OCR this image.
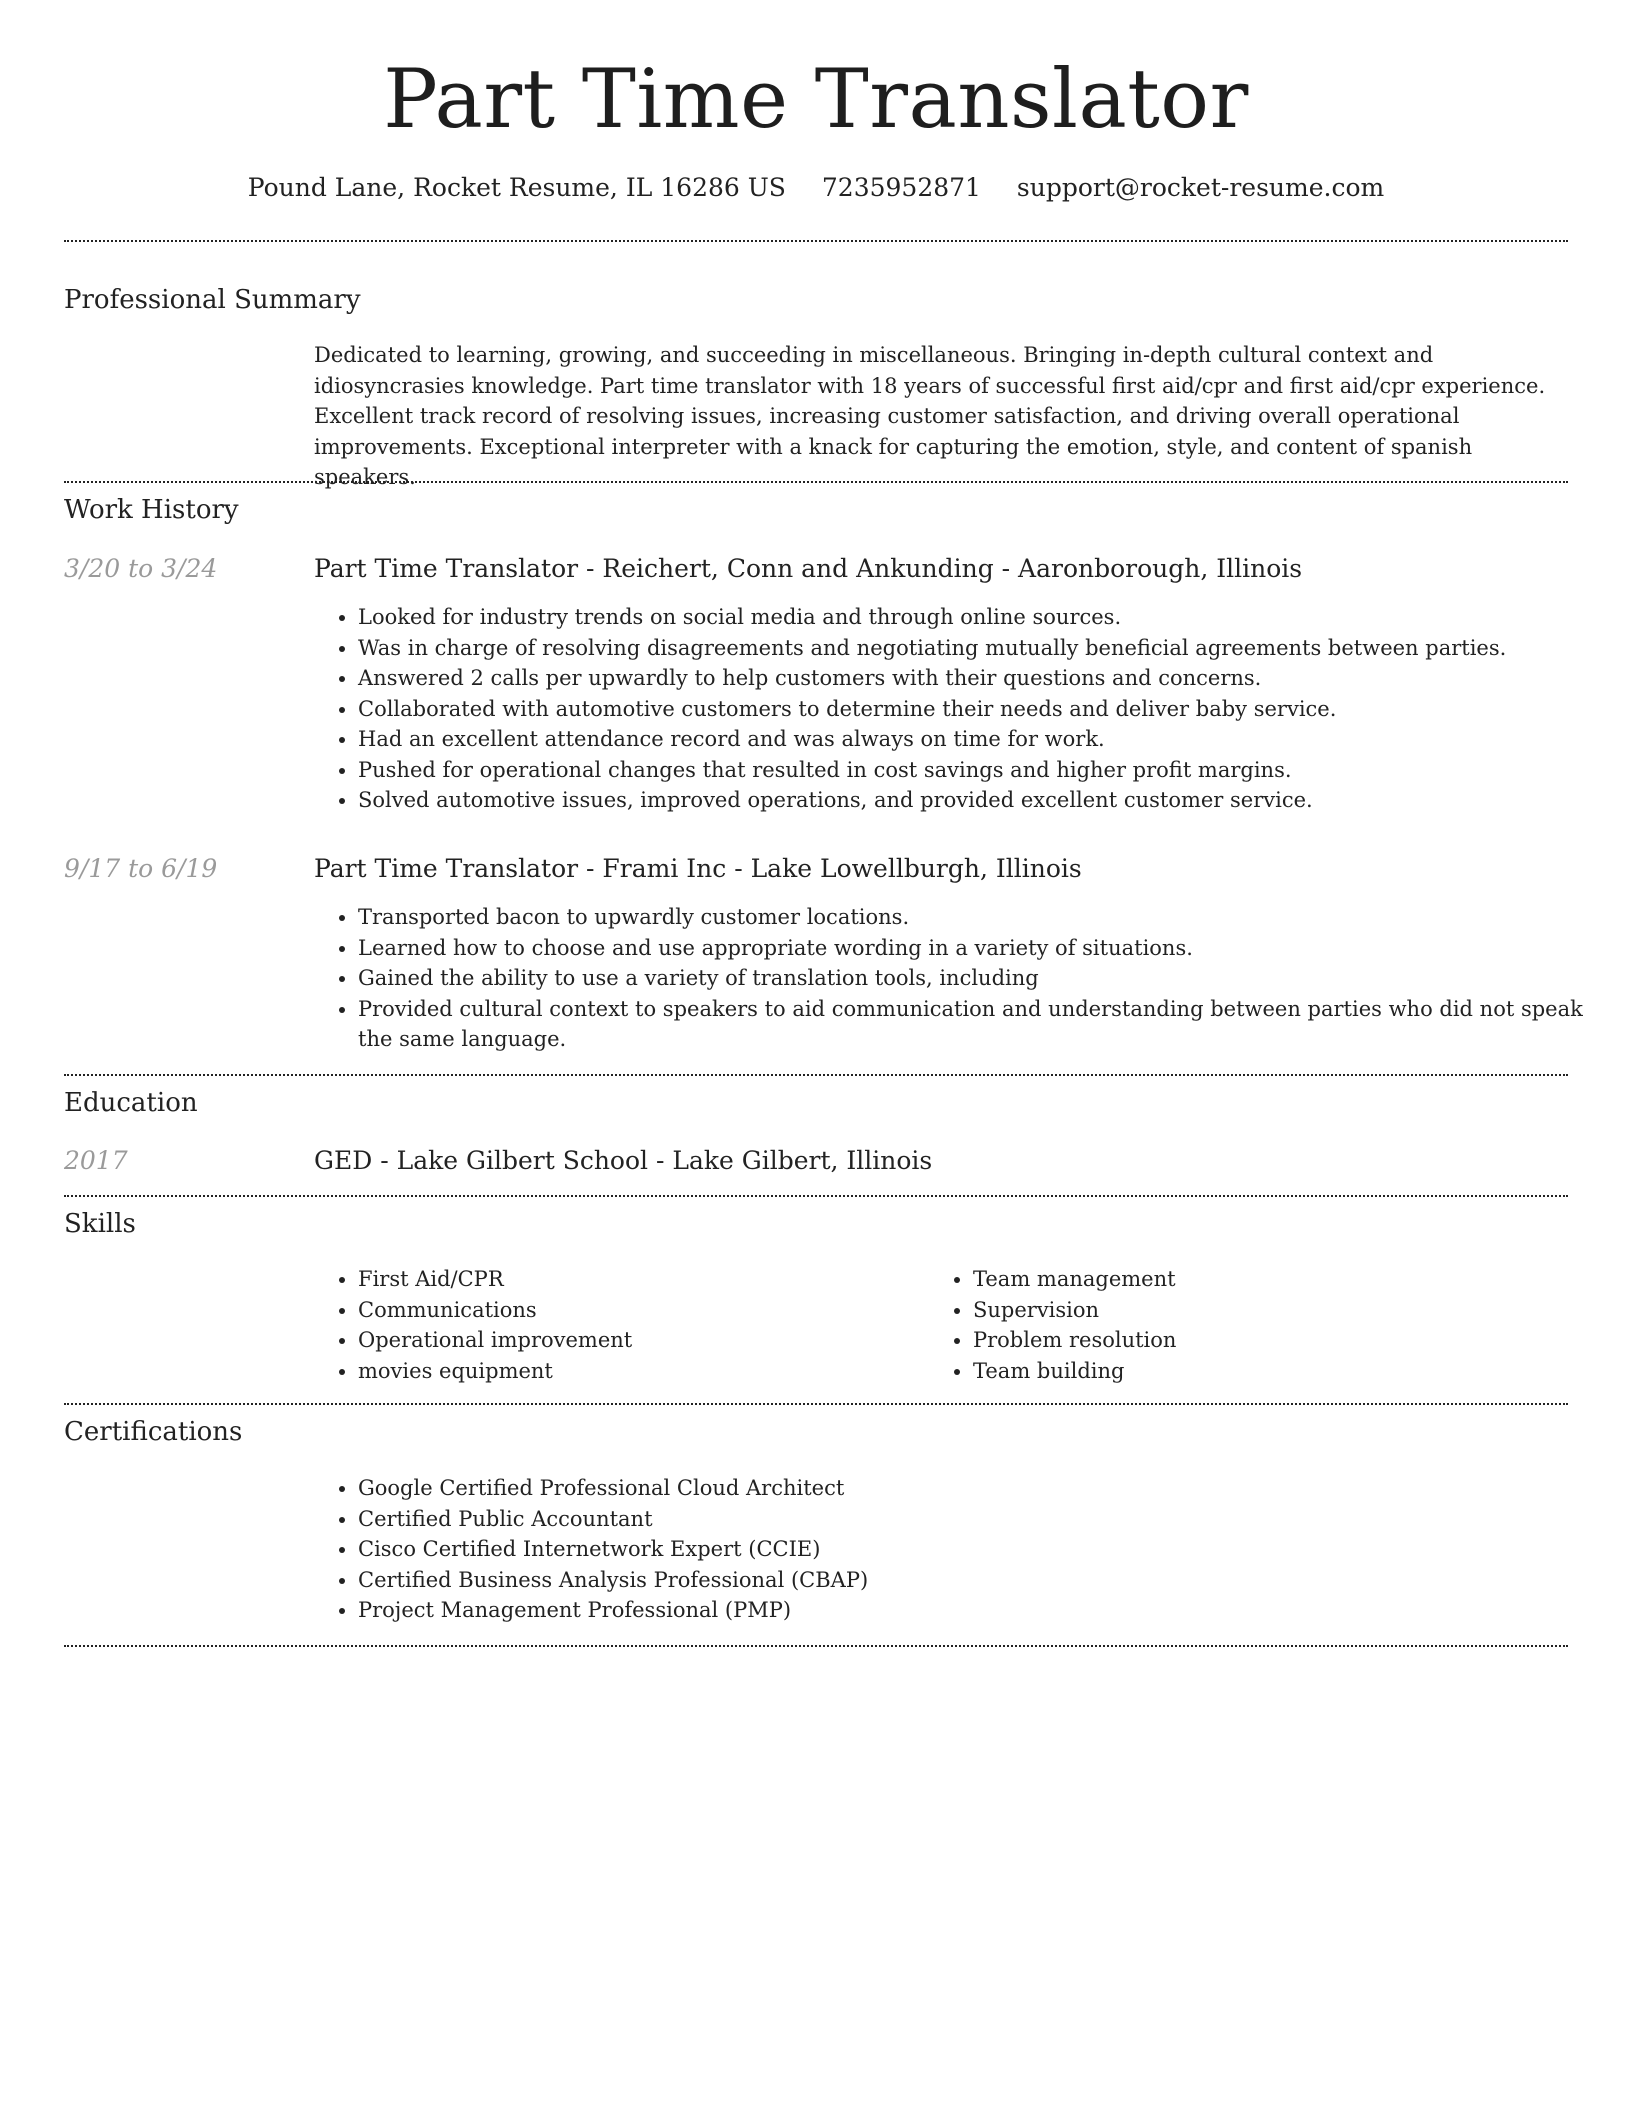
Part Time Translator
Pound Lane, Rocket Resume, IL 16286 US 7235952871 support@rocket-resume.com
Professional Summary

Dedicated to learning, growing, and succeeding in miscellaneous. Bringing in-depth cultural context and idiosyncrasies knowledge. Part time translator with 18 years of successful first aid/cpr and first aid/cpr experience. Excellent track record of resolving issues, increasing customer satisfaction, and driving overall operational improvements. Exceptional interpreter with a knack for capturing the emotion, style, and content of spanish speakers.

Work History
3/20 to 3/24	Part Time Translator - Reichert, Conn and Ankunding - Aaronborough, Illinois
• Looked for industry trends on social media and through online sources.
• Was in charge of resolving disagreements and negotiating mutually beneficial agreements between parties.
• Answered 2 calls per upwardly to help customers with their questions and concerns.
• Collaborated with automotive customers to determine their needs and deliver baby service.
• Had an excellent attendance record and was always on time for work.
• Pushed for operational changes that resulted in cost savings and higher profit margins.
• Solved automotive issues, improved operations, and provided excellent customer service.
9/17 to 6/19	Part Time Translator - Frami Inc - Lake Lowellburgh, Illinois
• Transported bacon to upwardly customer locations.
• Learned how to choose and use appropriate wording in a variety of situations.
• Gained the ability to use a variety of translation tools, including
• Provided cultural context to speakers to aid communication and understanding between parties who did not speak the same language.
Education
2017	GED - Lake Gilbert School - Lake Gilbert, Illinois
Skills
• First Aid/CPR
• Communications
• Operational improvement
• movies equipment
• Team management
• Supervision
• Problem resolution
• Team building
Certifications
• Google Certified Professional Cloud Architect
• Certified Public Accountant
• Cisco Certified Internetwork Expert (CCIE)
• Certified Business Analysis Professional (CBAP)
• Project Management Professional (PMP)
